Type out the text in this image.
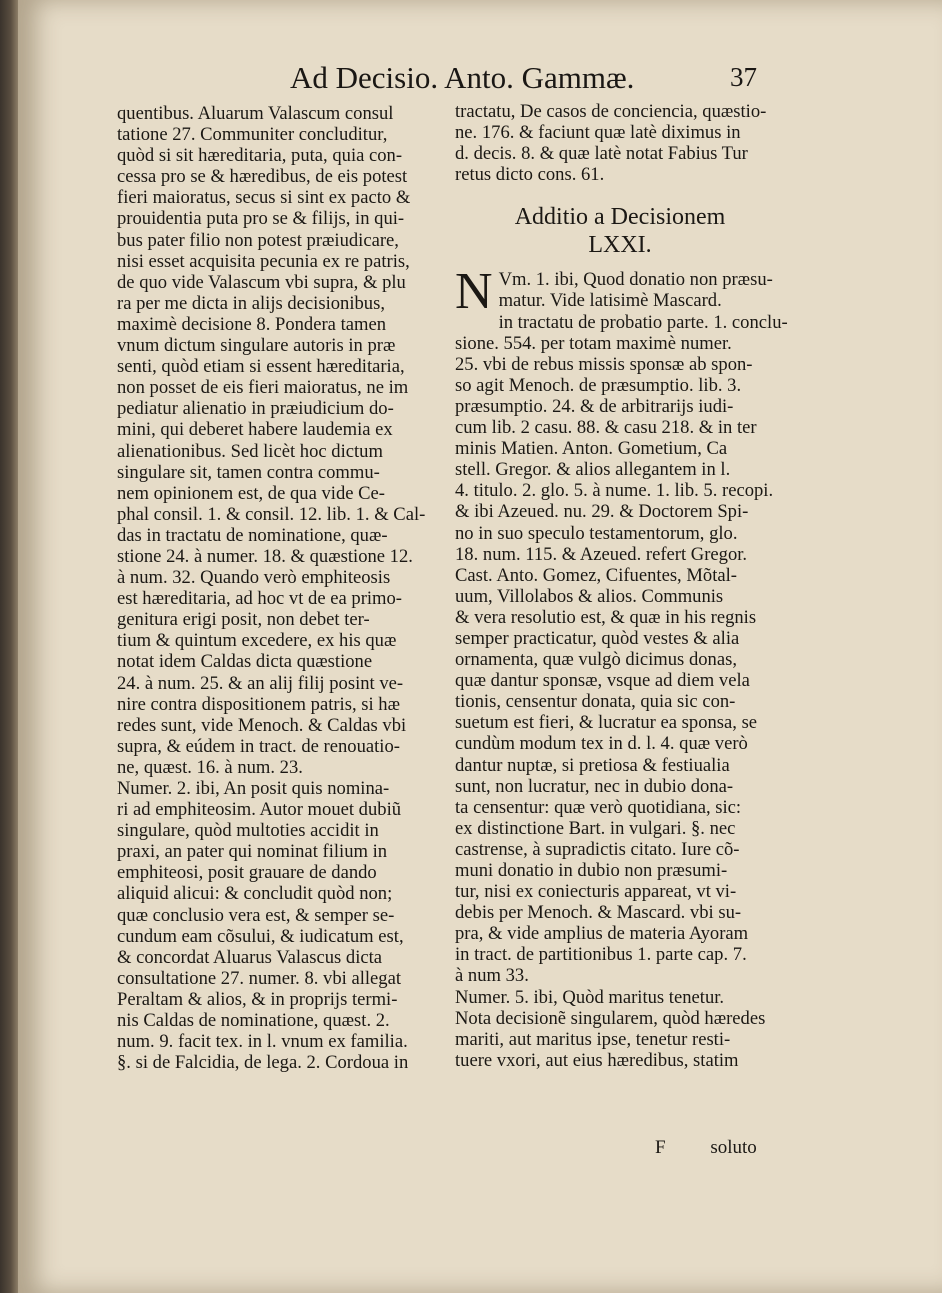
Ad Decisio. Anto. Gammæ.	37
quentibus. Aluarum Valascum consul
tatione 27. Communiter concluditur,
quòd si sit hæreditaria, puta, quia con-
cessa pro se & hæredibus, de eis potest
fieri maioratus, secus si sint ex pacto &
prouidentia puta pro se & filijs, in qui-
bus pater filio non potest præiudicare,
nisi esset acquisita pecunia ex re patris,
de quo vide Valascum vbi supra, & plu
ra per me dicta in alijs decisionibus,
maximè decisione 8. Pondera tamen
vnum dictum singulare autoris in præ
senti, quòd etiam si essent hæreditaria,
non posset de eis fieri maioratus, ne im
pediatur alienatio in præiudicium do-
mini, qui deberet habere laudemia ex
alienationibus. Sed licèt hoc dictum
singulare sit, tamen contra commu-
nem opinionem est, de qua vide Ce-
phal consil. 1. & consil. 12. lib. 1. & Cal-
das in tractatu de nominatione, quæ-
stione 24. à numer. 18. & quæstione 12.
à num. 32. Quando verò emphiteosis
est hæreditaria, ad hoc vt de ea primo-
genitura erigi posit, non debet ter-
tium & quintum excedere, ex his quæ
notat idem Caldas dicta quæstione
24. à num. 25. & an alij filij posint ve-
nire contra dispositionem patris, si hæ
redes sunt, vide Menoch. & Caldas vbi
supra, & eúdem in tract. de renouatio-
ne, quæst. 16. à num. 23.
Numer. 2. ibi, An posit quis nomina-
ri ad emphiteosim. Autor mouet dubiũ
singulare, quòd multoties accidit in
praxi, an pater qui nominat filium in
emphiteosi, posit grauare de dando
aliquid alicui: & concludit quòd non;
quæ conclusio vera est, & semper se-
cundum eam cõsului, & iudicatum est,
& concordat Aluarus Valascus dicta
consultatione 27. numer. 8. vbi allegat
Peraltam & alios, & in proprijs termi-
nis Caldas de nominatione, quæst. 2.
num. 9. facit tex. in l. vnum ex familia.
§. si de Falcidia, de lega. 2. Cordoua in
tractatu, De casos de conciencia, quæstio-
ne. 176. & faciunt quæ latè diximus in
d. decis. 8. & quæ latè notat Fabius Tur
retus dicto cons. 61.
Additio a Decisionem
LXXI.
N Vm. 1. ibi, Quod donatio non præsu-
matur. Vide latisimè Mascard.
in tractatu de probatio parte. 1. conclu-
sione. 554. per totam maximè numer.
25. vbi de rebus missis sponsæ ab spon-
so agit Menoch. de præsumptio. lib. 3.
præsumptio. 24. & de arbitrarijs iudi-
cum lib. 2 casu. 88. & casu 218. & in ter
minis Matien. Anton. Gometium, Ca
stell. Gregor. & alios allegantem in l.
4. titulo. 2. glo. 5. à nume. 1. lib. 5. recopi.
& ibi Azeued. nu. 29. & Doctorem Spi-
no in suo speculo testamentorum, glo.
18. num. 115. & Azeued. refert Gregor.
Cast. Anto. Gomez, Cifuentes, Mõtal-
uum, Villolabos & alios. Communis
& vera resolutio est, & quæ in his regnis
semper practicatur, quòd vestes & alia
ornamenta, quæ vulgò dicimus donas,
quæ dantur sponsæ, vsque ad diem vela
tionis, censentur donata, quia sic con-
suetum est fieri, & lucratur ea sponsa, se
cundùm modum tex in d. l. 4. quæ verò
dantur nuptæ, si pretiosa & festiualia
sunt, non lucratur, nec in dubio dona-
ta censentur: quæ verò quotidiana, sic:
ex distinctione Bart. in vulgari. §. nec
castrense, à supradictis citato. Iure cõ-
muni donatio in dubio non præsumi-
tur, nisi ex coniecturis appareat, vt vi-
debis per Menoch. & Mascard. vbi su-
pra, & vide amplius de materia Ayoram
in tract. de partitionibus 1. parte cap. 7.
à num 33.
Numer. 5. ibi, Quòd maritus tenetur.
Nota decisionẽ singularem, quòd hæredes
mariti, aut maritus ipse, tenetur resti-
tuere vxori, aut eius hæredibus, statim
F soluto
